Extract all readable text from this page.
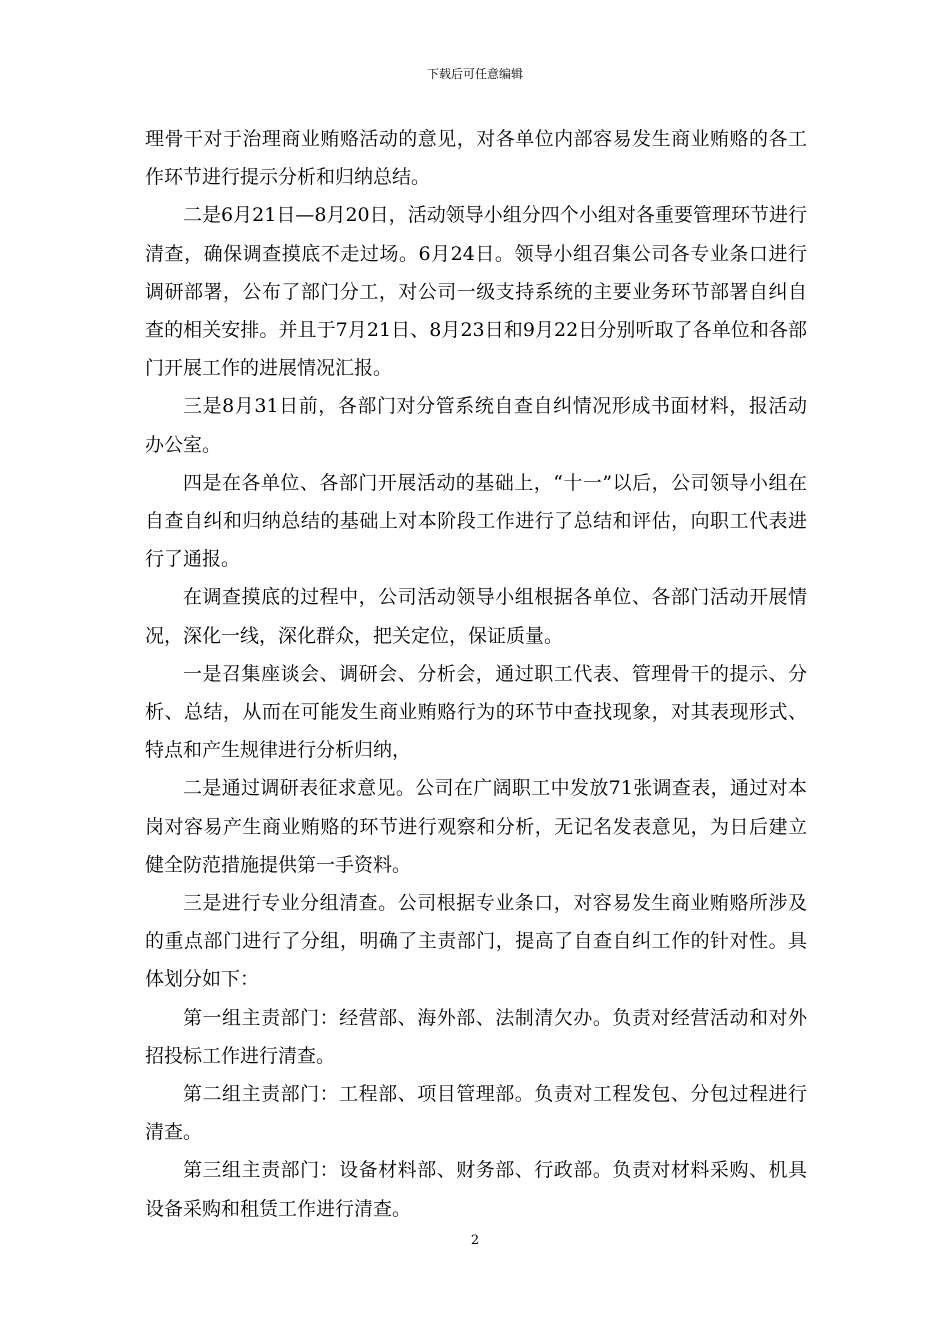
下载后可任意编辑

理骨干对于治理商业贿赂活动的意见，对各单位内部容易发生商业贿赂的各工作环节进行提示分析和归纳总结。

二是6月21日—8月20日，活动领导小组分四个小组对各重要管理环节进行清查，确保调查摸底不走过场。6月24日。领导小组召集公司各专业条口进行调研部署，公布了部门分工，对公司一级支持系统的主要业务环节部署自纠自查的相关安排。并且于7月21日、8月23日和9月22日分别听取了各单位和各部门开展工作的进展情况汇报。

三是8月31日前，各部门对分管系统自查自纠情况形成书面材料，报活动办公室。

四是在各单位、各部门开展活动的基础上，“十一”以后，公司领导小组在自查自纠和归纳总结的基础上对本阶段工作进行了总结和评估，向职工代表进行了通报。

在调查摸底的过程中，公司活动领导小组根据各单位、各部门活动开展情况，深化一线，深化群众，把关定位，保证质量。

一是召集座谈会、调研会、分析会，通过职工代表、管理骨干的提示、分析、总结，从而在可能发生商业贿赂行为的环节中查找现象，对其表现形式、特点和产生规律进行分析归纳，

二是通过调研表征求意见。公司在广阔职工中发放71张调查表，通过对本岗对容易产生商业贿赂的环节进行观察和分析，无记名发表意见，为日后建立健全防范措施提供第一手资料。

三是进行专业分组清查。公司根据专业条口，对容易发生商业贿赂所涉及的重点部门进行了分组，明确了主责部门，提高了自查自纠工作的针对性。具体划分如下：

第一组主责部门：经营部、海外部、法制清欠办。负责对经营活动和对外招投标工作进行清查。

第二组主责部门：工程部、项目管理部。负责对工程发包、分包过程进行清查。

第三组主责部门：设备材料部、财务部、行政部。负责对材料采购、机具设备采购和租赁工作进行清查。

2
